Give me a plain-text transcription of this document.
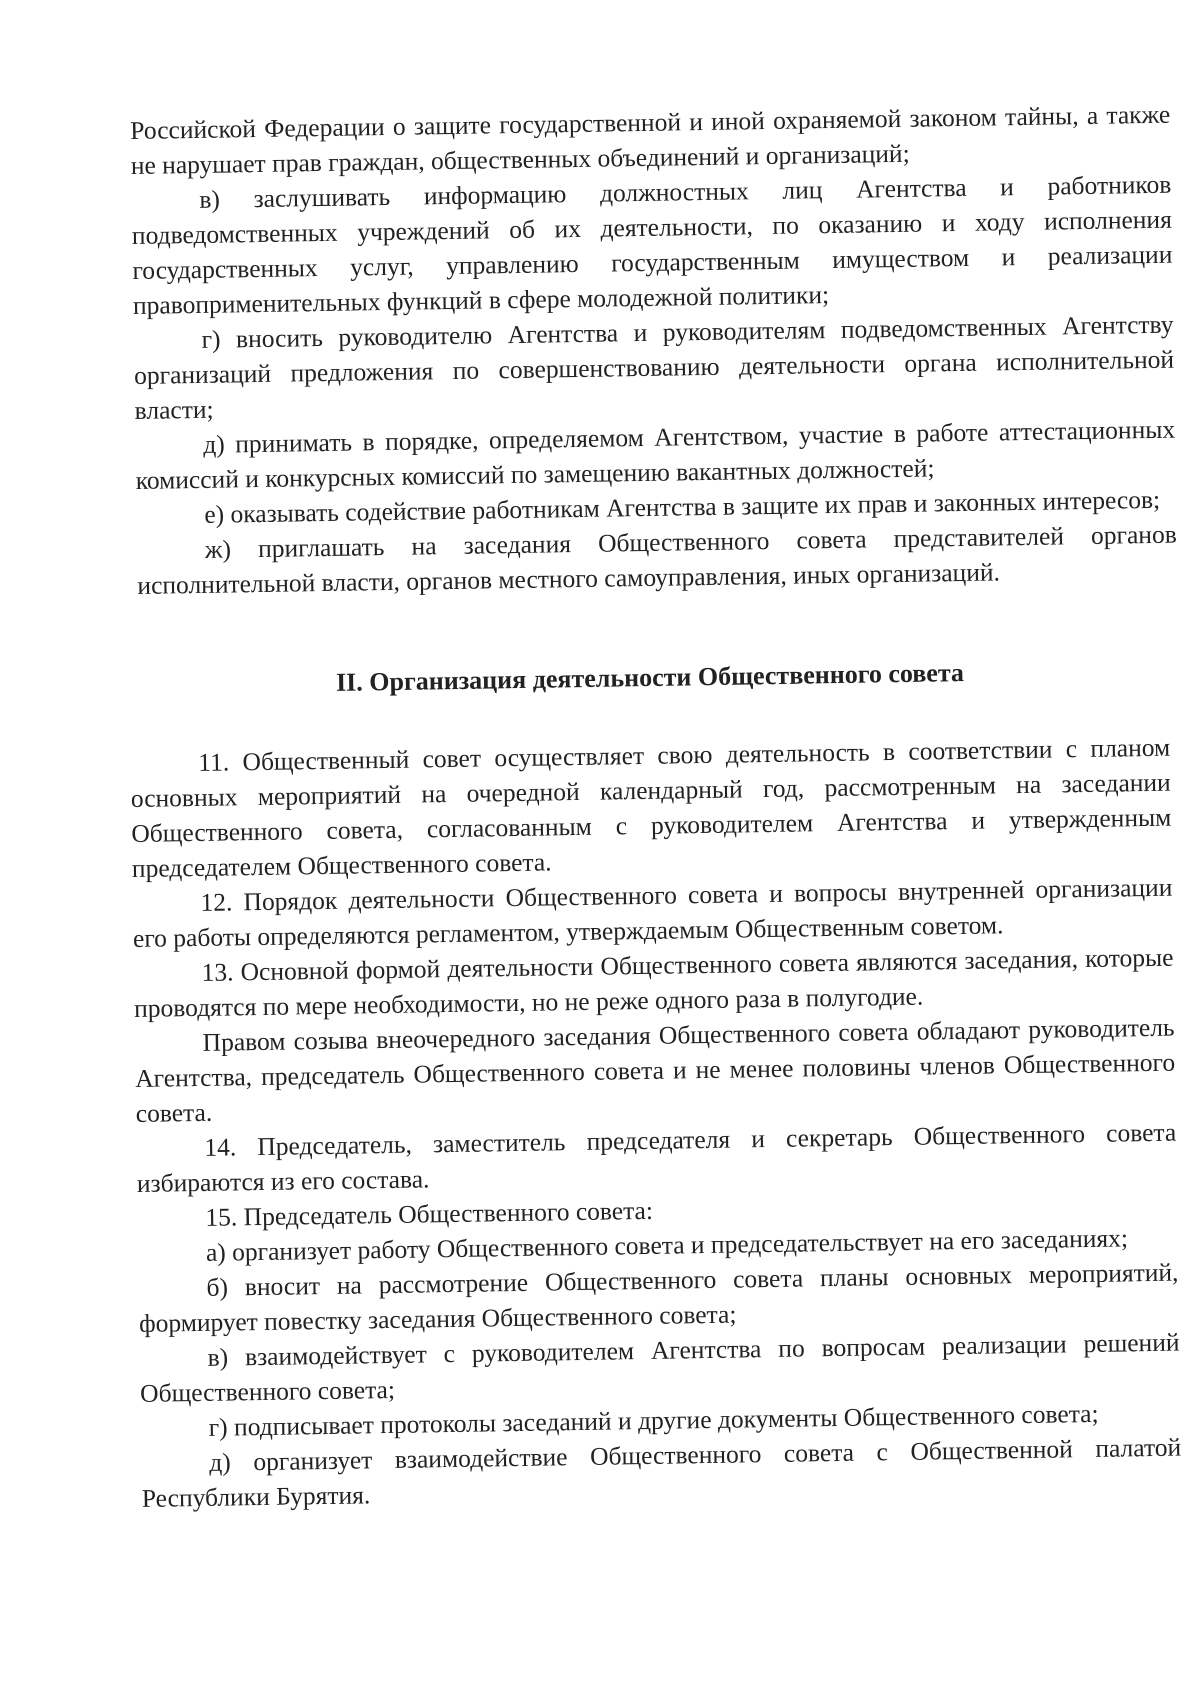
Российской Федерации о защите государственной и иной охраняемой законом тайны, а также не нарушает прав граждан, общественных объединений и организаций;

в) заслушивать информацию должностных лиц Агентства и работников подведомственных учреждений об их деятельности, по оказанию и ходу исполнения государственных услуг, управлению государственным имуществом и реализации правоприменительных функций в сфере молодежной политики;

г) вносить руководителю Агентства и руководителям подведомственных Агентству организаций предложения по совершенствованию деятельности органа исполнительной власти;

д) принимать в порядке, определяемом Агентством, участие в работе аттестационных комиссий и конкурсных комиссий по замещению вакантных должностей;

е) оказывать содействие работникам Агентства в защите их прав и законных интересов;

ж) приглашать на заседания Общественного совета представителей органов исполнительной власти, органов местного самоуправления, иных организаций.

II. Организация деятельности Общественного совета

11. Общественный совет осуществляет свою деятельность в соответствии с планом основных мероприятий на очередной календарный год, рассмотренным на заседании Общественного совета, согласованным с руководителем Агентства и утвержденным председателем Общественного совета.

12. Порядок деятельности Общественного совета и вопросы внутренней организации его работы определяются регламентом, утверждаемым Общественным советом.

13. Основной формой деятельности Общественного совета являются заседания, которые проводятся по мере необходимости, но не реже одного раза в полугодие.

Правом созыва внеочередного заседания Общественного совета обладают руководитель Агентства, председатель Общественного совета и не менее половины членов Общественного совета.

14. Председатель, заместитель председателя и секретарь Общественного совета избираются из его состава.

15. Председатель Общественного совета:

а) организует работу Общественного совета и председательствует на его заседаниях;

б) вносит на рассмотрение Общественного совета планы основных мероприятий, формирует повестку заседания Общественного совета;

в) взаимодействует с руководителем Агентства по вопросам реализации решений Общественного совета;

г) подписывает протоколы заседаний и другие документы Общественного совета;

д) организует взаимодействие Общественного совета с Общественной палатой Республики Бурятия.
